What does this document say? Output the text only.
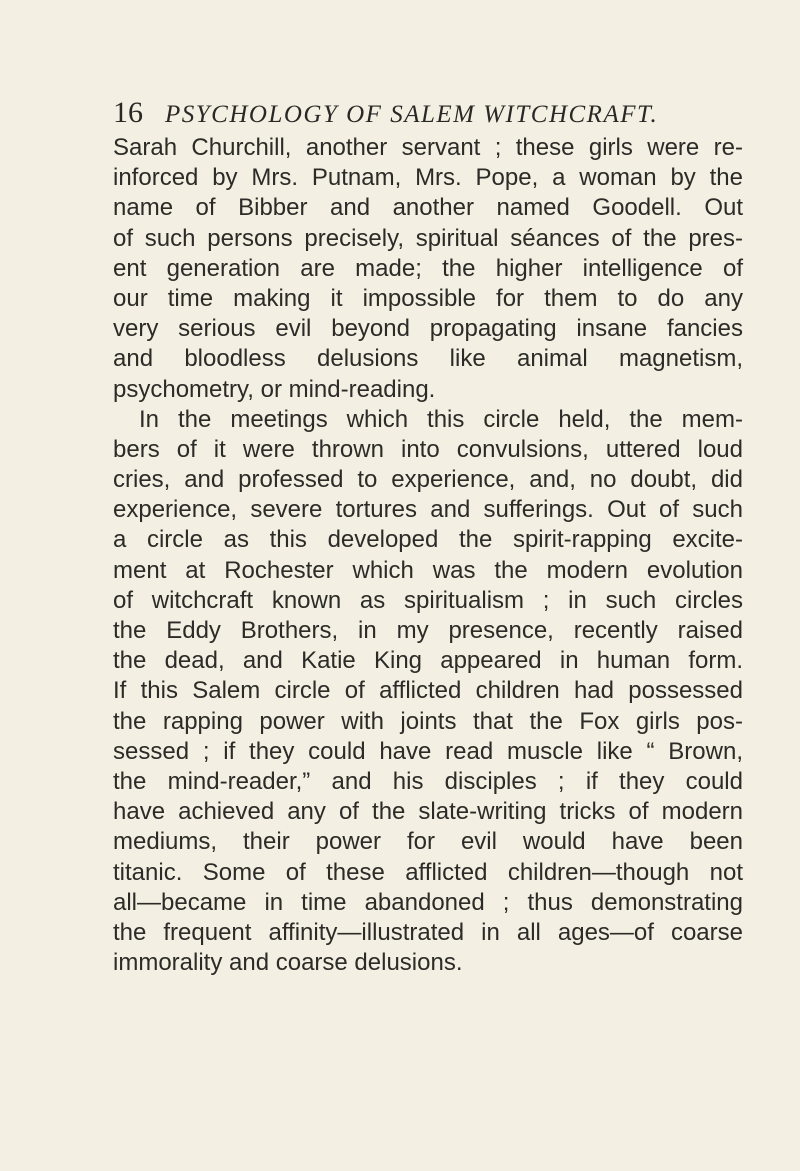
16 PSYCHOLOGY OF SALEM WITCHCRAFT.
Sarah Churchill, another servant ; these girls were re-
inforced by Mrs. Putnam, Mrs. Pope, a woman by the
name of Bibber and another named Goodell. Out
of such persons precisely, spiritual séances of the pres-
ent generation are made; the higher intelligence of
our time making it impossible for them to do any
very serious evil beyond propagating insane fancies
and bloodless delusions like animal magnetism,
psychometry, or mind-reading.
In the meetings which this circle held, the mem-
bers of it were thrown into convulsions, uttered loud
cries, and professed to experience, and, no doubt, did
experience, severe tortures and sufferings. Out of such
a circle as this developed the spirit-rapping excite-
ment at Rochester which was the modern evolution
of witchcraft known as spiritualism ; in such circles
the Eddy Brothers, in my presence, recently raised
the dead, and Katie King appeared in human form.
If this Salem circle of afflicted children had possessed
the rapping power with joints that the Fox girls pos-
sessed ; if they could have read muscle like “ Brown,
the mind-reader,” and his disciples ; if they could
have achieved any of the slate-writing tricks of modern
mediums, their power for evil would have been
titanic. Some of these afflicted children—though not
all—became in time abandoned ; thus demonstrating
the frequent affinity—illustrated in all ages—of coarse
immorality and coarse delusions.
